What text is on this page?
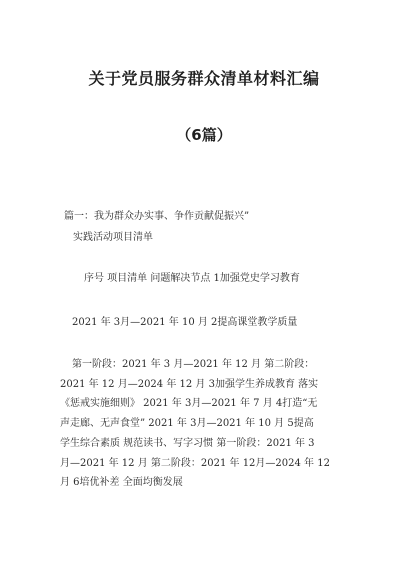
关于党员服务群众清单材料汇编
（6篇）
篇一：我为群众办实事、争作贡献促振兴”
实践活动项目清单
序号 项目清单 问题解决节点 1加强党史学习教育
2021 年 3月—2021 年 10 月 2提高课堂教学质量
第一阶段：2021 年 3 月—2021 年 12 月 第二阶段：
2021 年 12 月—2024 年 12 月 3加强学生养成教育 落实
《惩戒实施细则》 2021 年 3月—2021 年 7 月 4打造“无
声走廊、无声食堂” 2021 年 3月—2021 年 10 月 5提高
学生综合素质 规范读书、写字习惯 第一阶段：2021 年 3
月—2021 年 12 月 第二阶段：2021 年 12月—2024 年 12
月 6培优补差 全面均衡发展
